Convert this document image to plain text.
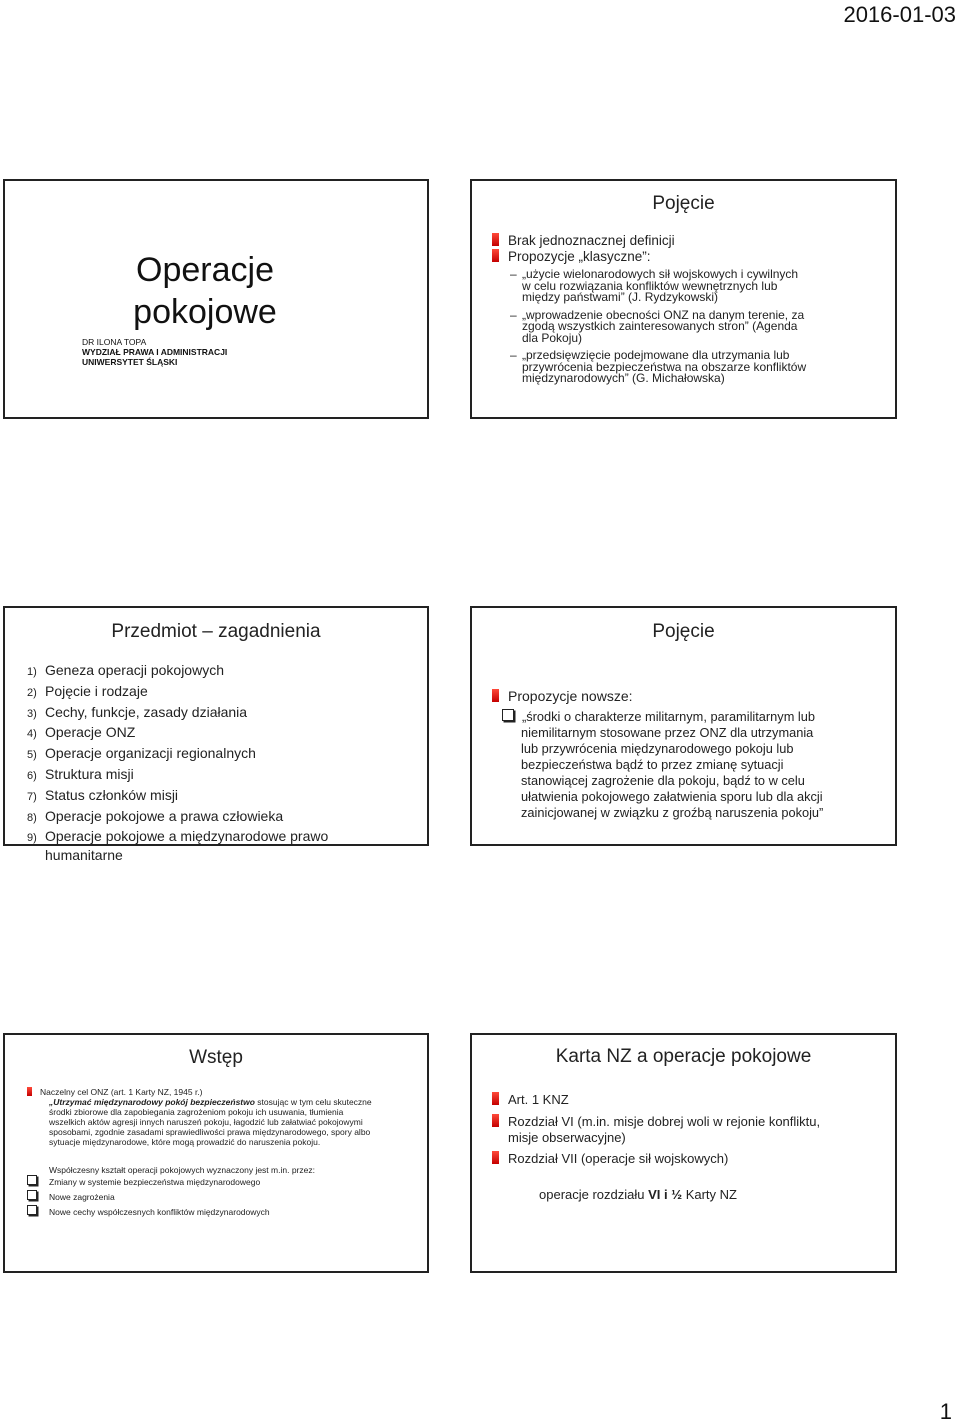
2016-01-03
Operacje
pokojowe
DR ILONA TOPA
WYDZIAŁ PRAWA I ADMINISTRACJI
UNIWERSYTET ŚLĄSKI
Pojęcie
Brak jednoznacznej definicji
Propozycje „klasyczne”:
– „użycie wielonarodowych sił wojskowych i cywilnych
w celu rozwiązania konfliktów wewnętrznych lub
między państwami” (J. Rydzykowski)
– „wprowadzenie obecności ONZ na danym terenie, za
zgodą wszystkich zainteresowanych stron” (Agenda
dla Pokoju)
– „przedsięwzięcie podejmowane dla utrzymania lub
przywrócenia bezpieczeństwa na obszarze konfliktów
międzynarodowych” (G. Michałowska)
Przedmiot – zagadnienia
1) Geneza operacji pokojowych
2) Pojęcie i rodzaje
3) Cechy, funkcje, zasady działania
4) Operacje ONZ
5) Operacje organizacji regionalnych
6) Struktura misji
7) Status członków misji
8) Operacje pokojowe a prawa człowieka
9) Operacje pokojowe a międzynarodowe prawo
humanitarne
Pojęcie
Propozycje nowsze:
„środki o charakterze militarnym, paramilitarnym lub
niemilitarnym stosowane przez ONZ dla utrzymania
lub przywrócenia międzynarodowego pokoju lub
bezpieczeństwa bądź to przez zmianę sytuacji
stanowiącej zagrożenie dla pokoju, bądź to w celu
ułatwienia pokojowego załatwienia sporu lub dla akcji
zainicjowanej w związku z groźbą naruszenia pokoju”
Wstęp
Naczelny cel ONZ (art. 1 Karty NZ, 1945 r.)
„Utrzymać międzynarodowy pokój bezpieczeństwo stosując w tym celu skuteczne
środki zbiorowe dla zapobiegania zagrożeniom pokoju ich usuwania, tłumienia
wszelkich aktów agresji innych naruszeń pokoju, łagodzić lub załatwiać pokojowymi
sposobami, zgodnie zasadami sprawiedliwości prawa międzynarodowego, spory albo
sytuacje międzynarodowe, które mogą prowadzić do naruszenia pokoju.
Współczesny kształt operacji pokojowych wyznaczony jest m.in. przez:
Zmiany w systemie bezpieczeństwa międzynarodowego
Nowe zagrożenia
Nowe cechy współczesnych konfliktów międzynarodowych
Karta NZ a operacje pokojowe
Art. 1 KNZ
Rozdział VI (m.in. misje dobrej woli w rejonie konfliktu,
misje obserwacyjne)
Rozdział VII (operacje sił wojskowych)
operacje rozdziału VI i ½ Karty NZ
1
